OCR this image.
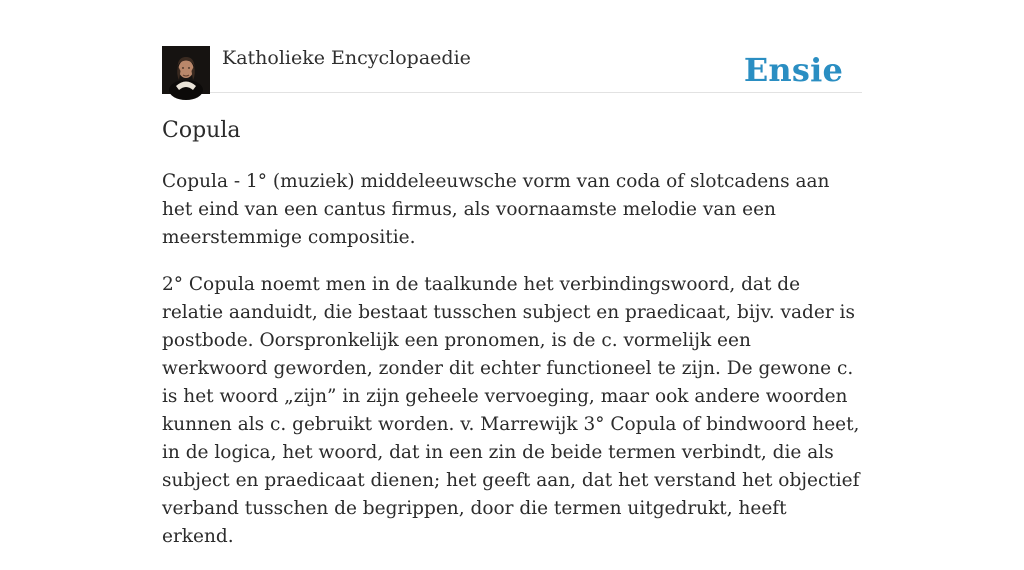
Katholieke Encyclopaedie	Ensie
Copula

Copula - 1° (muziek) middeleeuwsche vorm van coda of slotcadens aan het eind van een cantus firmus, als voornaamste melodie van een meerstemmige compositie.

2° Copula noemt men in de taalkunde het verbindingswoord, dat de relatie aanduidt, die bestaat tusschen subject en praedicaat, bijv. vader is postbode. Oorspronkelijk een pronomen, is de c. vormelijk een werkwoord geworden, zonder dit echter functioneel te zijn. De gewone c. is het woord „zijn” in zijn geheele vervoeging, maar ook andere woorden kunnen als c. gebruikt worden. v. Marrewijk 3° Copula of bindwoord heet, in de logica, het woord, dat in een zin de beide termen verbindt, die als subject en praedicaat dienen; het geeft aan, dat het verstand het objectief verband tusschen de begrippen, door die termen uitgedrukt, heeft erkend.
